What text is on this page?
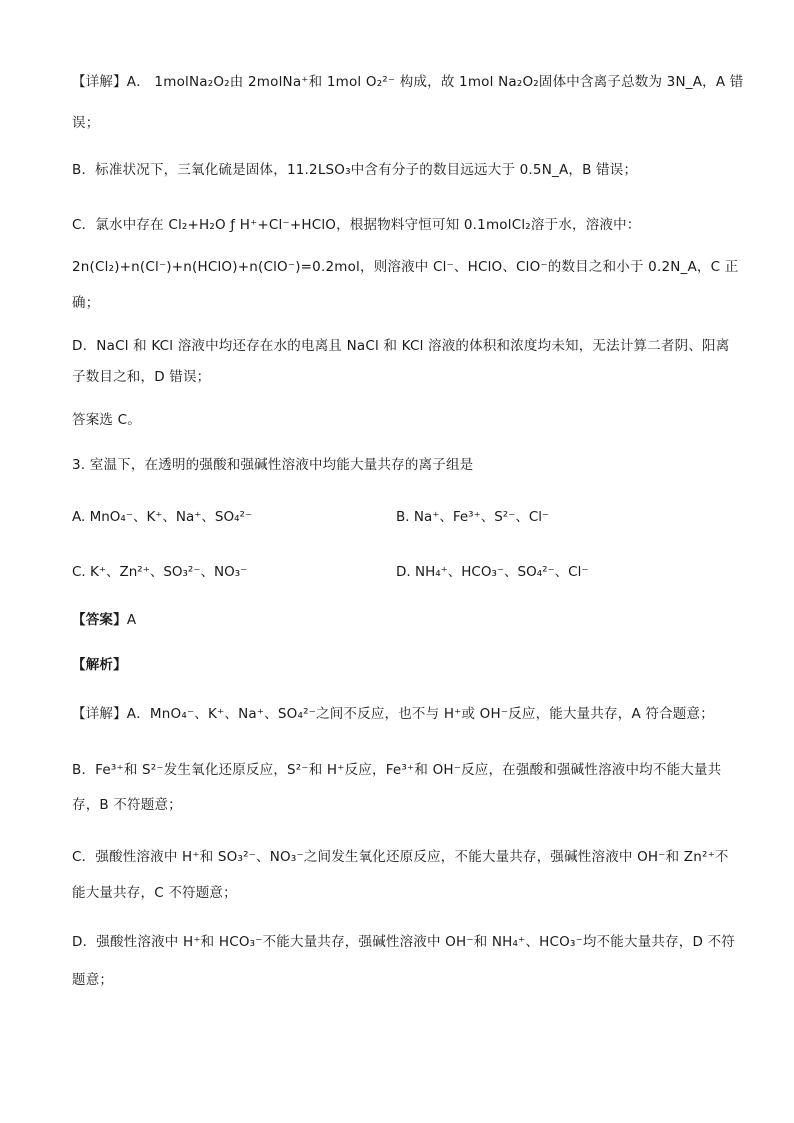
【详解】A． 1molNa₂O₂由 2molNa⁺和 1mol O₂²⁻ 构成，故 1mol Na₂O₂固体中含离子总数为 3N_A，A 错
误；
B．标准状况下，三氧化硫是固体，11.2LSO₃中含有分子的数目远远大于 0.5N_A，B 错误；
C．氯水中存在 Cl₂+H₂O ƒ H⁺+Cl⁻+HClO，根据物料守恒可知 0.1molCl₂溶于水，溶液中：
2n(Cl₂)+n(Cl⁻)+n(HClO)+n(ClO⁻)=0.2mol，则溶液中 Cl⁻、HClO、ClO⁻的数目之和小于 0.2N_A，C 正
确；
D．NaCl 和 KCl 溶液中均还存在水的电离且 NaCl 和 KCl 溶液的体积和浓度均未知，无法计算二者阴、阳离
子数目之和，D 错误；
答案选 C。
3. 室温下，在透明的强酸和强碱性溶液中均能大量共存的离子组是
A. MnO₄⁻、K⁺、Na⁺、SO₄²⁻	B. Na⁺、Fe³⁺、S²⁻、Cl⁻
C. K⁺、Zn²⁺、SO₃²⁻、NO₃⁻	D. NH₄⁺、HCO₃⁻、SO₄²⁻、Cl⁻
【答案】A
【解析】
【详解】A．MnO₄⁻、K⁺、Na⁺、SO₄²⁻之间不反应，也不与 H⁺或 OH⁻反应，能大量共存，A 符合题意；
B．Fe³⁺和 S²⁻发生氧化还原反应，S²⁻和 H⁺反应，Fe³⁺和 OH⁻反应，在强酸和强碱性溶液中均不能大量共
存，B 不符题意；
C．强酸性溶液中 H⁺和 SO₃²⁻、NO₃⁻之间发生氧化还原反应，不能大量共存，强碱性溶液中 OH⁻和 Zn²⁺不
能大量共存，C 不符题意；
D．强酸性溶液中 H⁺和 HCO₃⁻不能大量共存，强碱性溶液中 OH⁻和 NH₄⁺、HCO₃⁻均不能大量共存，D 不符
题意；
